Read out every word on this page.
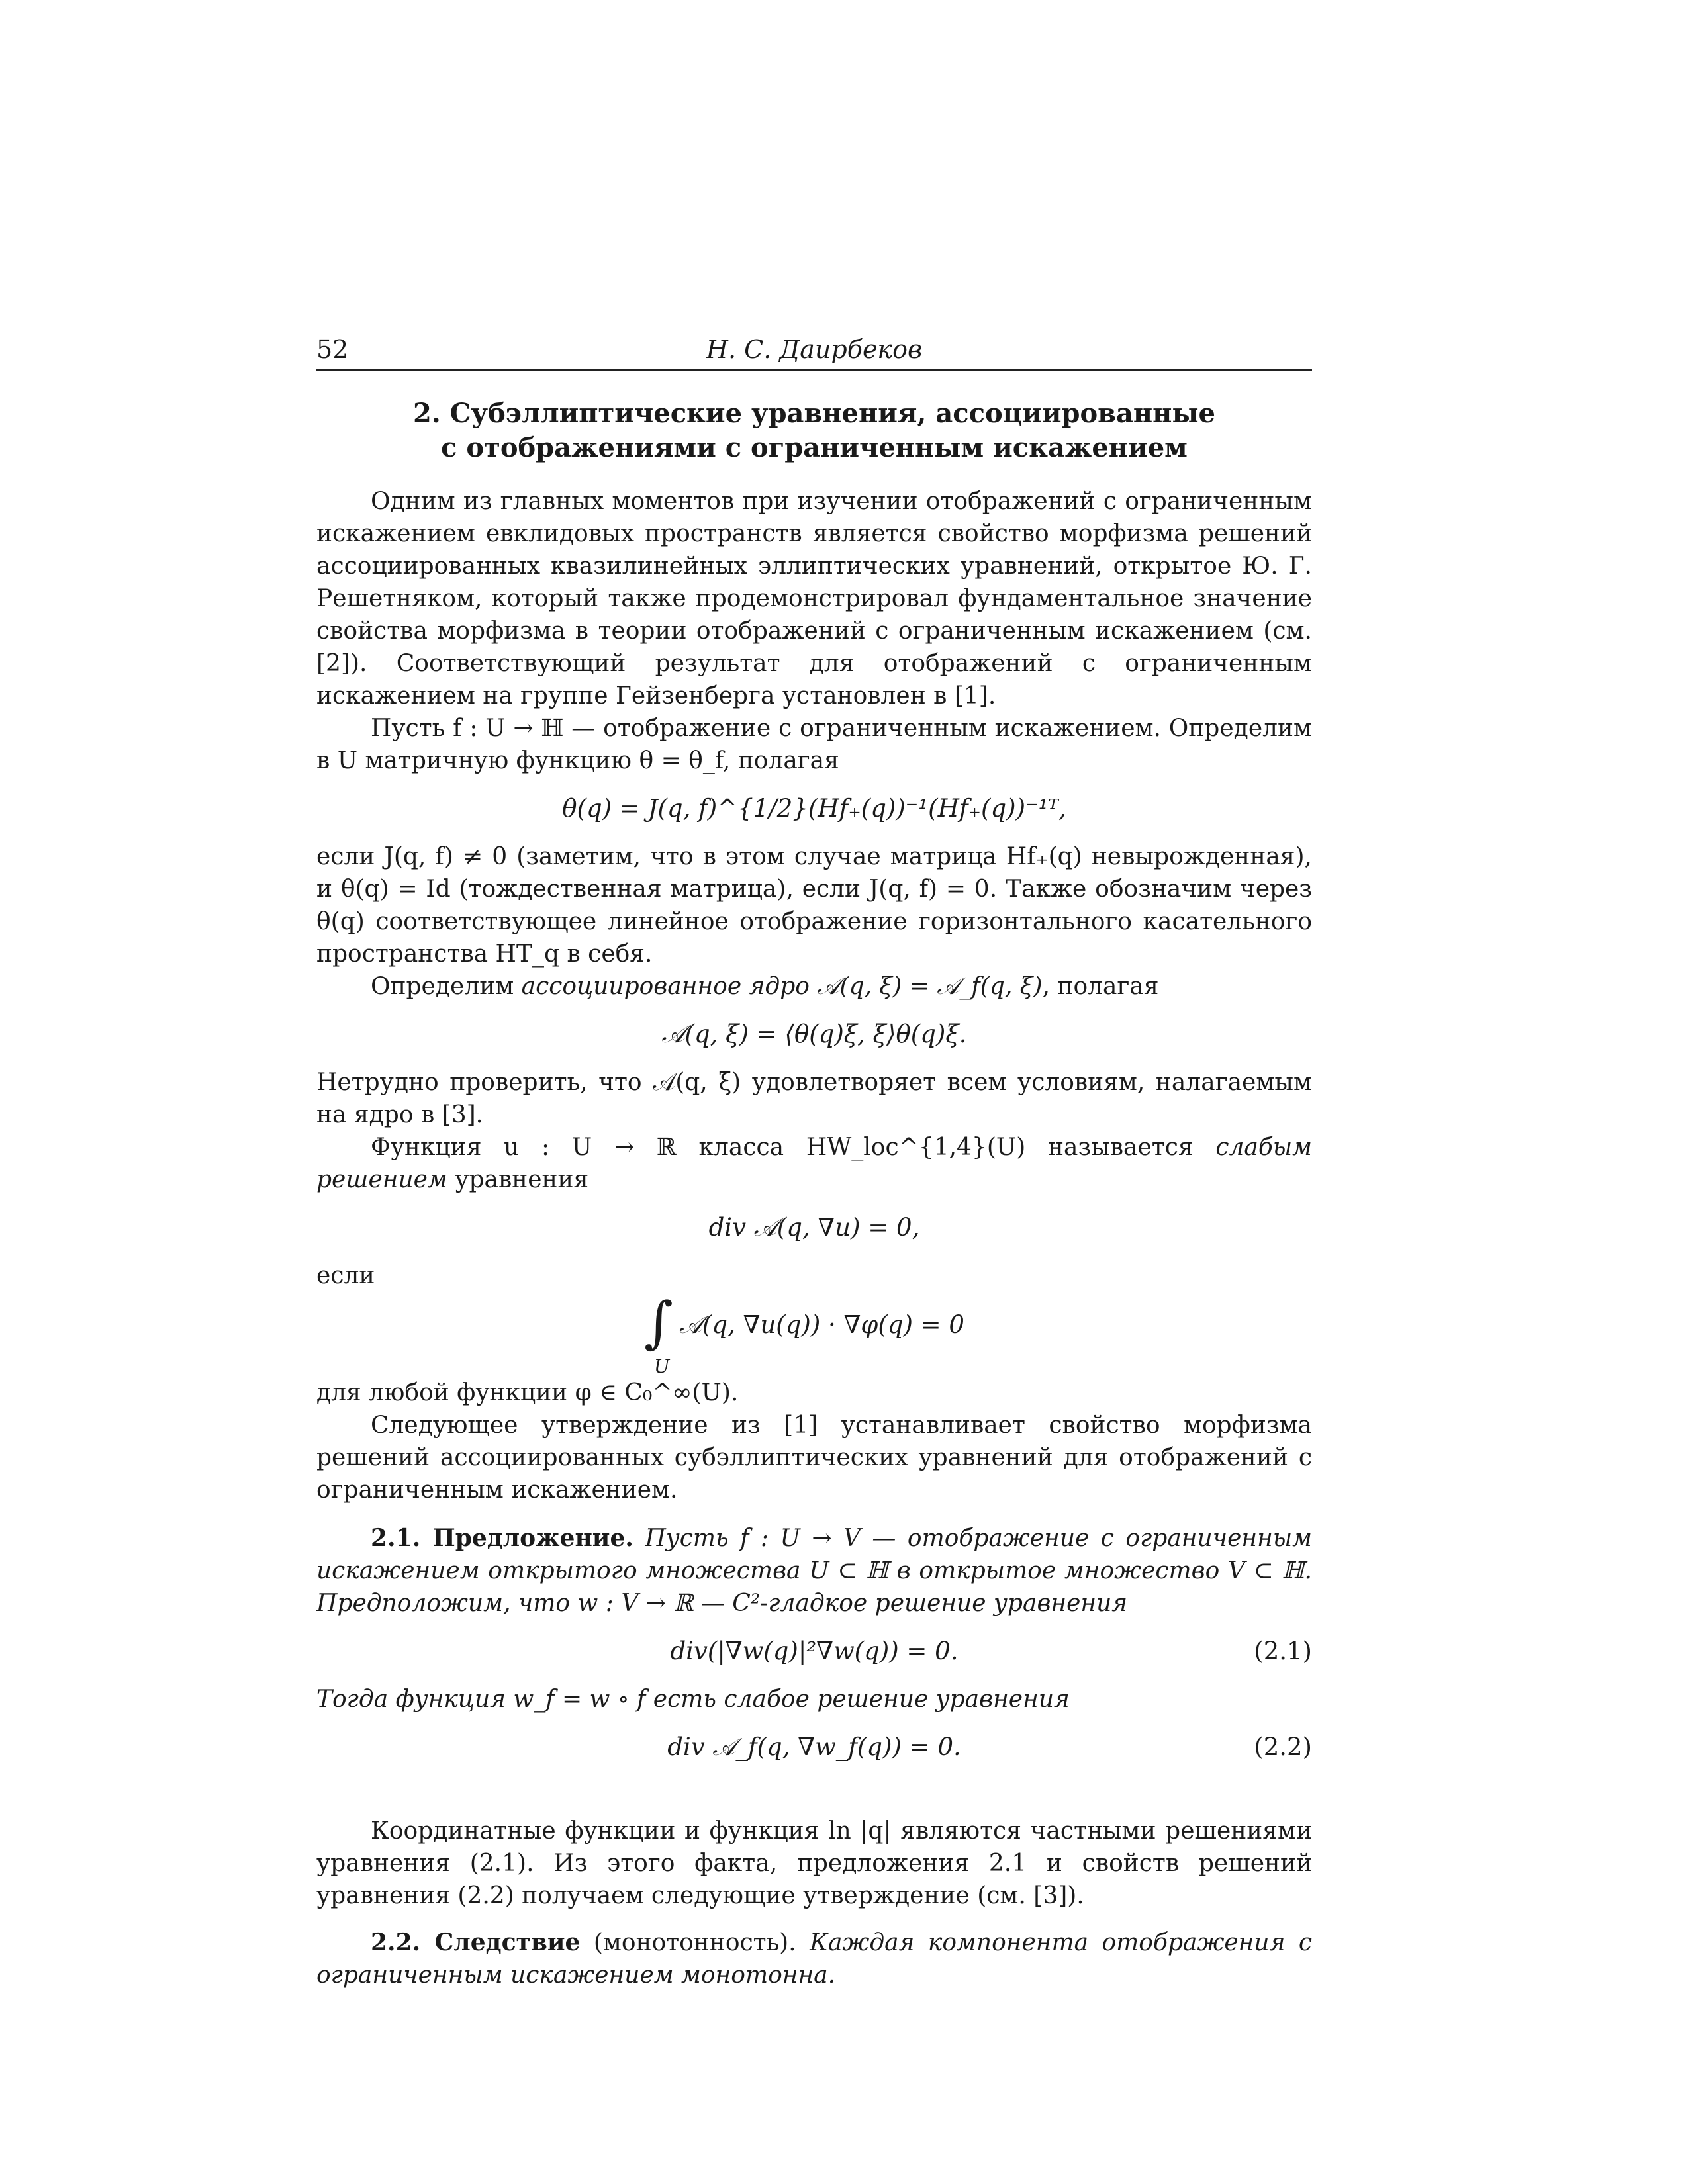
52	Н. С. Даирбеков
2. Субэллиптические уравнения, ассоциированные
с отображениями с ограниченным искажением

Одним из главных моментов при изучении отображений с ограниченным искажением евклидовых пространств является свойство морфизма решений ассоциированных квазилинейных эллиптических уравнений, открытое Ю. Г. Решетняком, который также продемонстрировал фундаментальное значение свойства морфизма в теории отображений с ограниченным искажением (см. [2]). Соответствующий результат для отображений с ограниченным искажением на группе Гейзенберга установлен в [1].

Пусть f : U → ℍ — отображение с ограниченным искажением. Определим в U матричную функцию θ = θ_f, полагая

θ(q) = J(q, f)^{1/2}(Hf₊(q))⁻¹(Hf₊(q))⁻¹ᵀ,

если J(q, f) ≠ 0 (заметим, что в этом случае матрица Hf₊(q) невырожденная), и θ(q) = Id (тождественная матрица), если J(q, f) = 0. Также обозначим через θ(q) соответствующее линейное отображение горизонтального касательного пространства HT_q в себя.

Определим ассоциированное ядро 𝒜(q, ξ) = 𝒜_f(q, ξ), полагая

𝒜(q, ξ) = ⟨θ(q)ξ, ξ⟩θ(q)ξ.

Нетрудно проверить, что 𝒜(q, ξ) удовлетворяет всем условиям, налагаемым на ядро в [3].

Функция u : U → ℝ класса HW_loc^{1,4}(U) называется слабым решением уравнения

div 𝒜(q, ∇u) = 0,

если

∫
U
𝒜(q, ∇u(q)) · ∇φ(q) = 0

для любой функции φ ∈ C₀^∞(U).

Следующее утверждение из [1] устанавливает свойство морфизма решений ассоциированных субэллиптических уравнений для отображений с ограниченным искажением.

2.1. Предложение. Пусть f : U → V — отображение с ограниченным искажением открытого множества U ⊂ ℍ в открытое множество V ⊂ ℍ. Предположим, что w : V → ℝ — C²-гладкое решение уравнения

div(|∇w(q)|²∇w(q)) = 0.	(2.1)

Тогда функция w_f = w ∘ f есть слабое решение уравнения

div 𝒜_f(q, ∇w_f(q)) = 0.	(2.2)

Координатные функции и функция ln |q| являются частными решениями уравнения (2.1). Из этого факта, предложения 2.1 и свойств решений уравнения (2.2) получаем следующие утверждение (см. [3]).

2.2. Следствие (монотонность). Каждая компонента отображения с ограниченным искажением монотонна.
